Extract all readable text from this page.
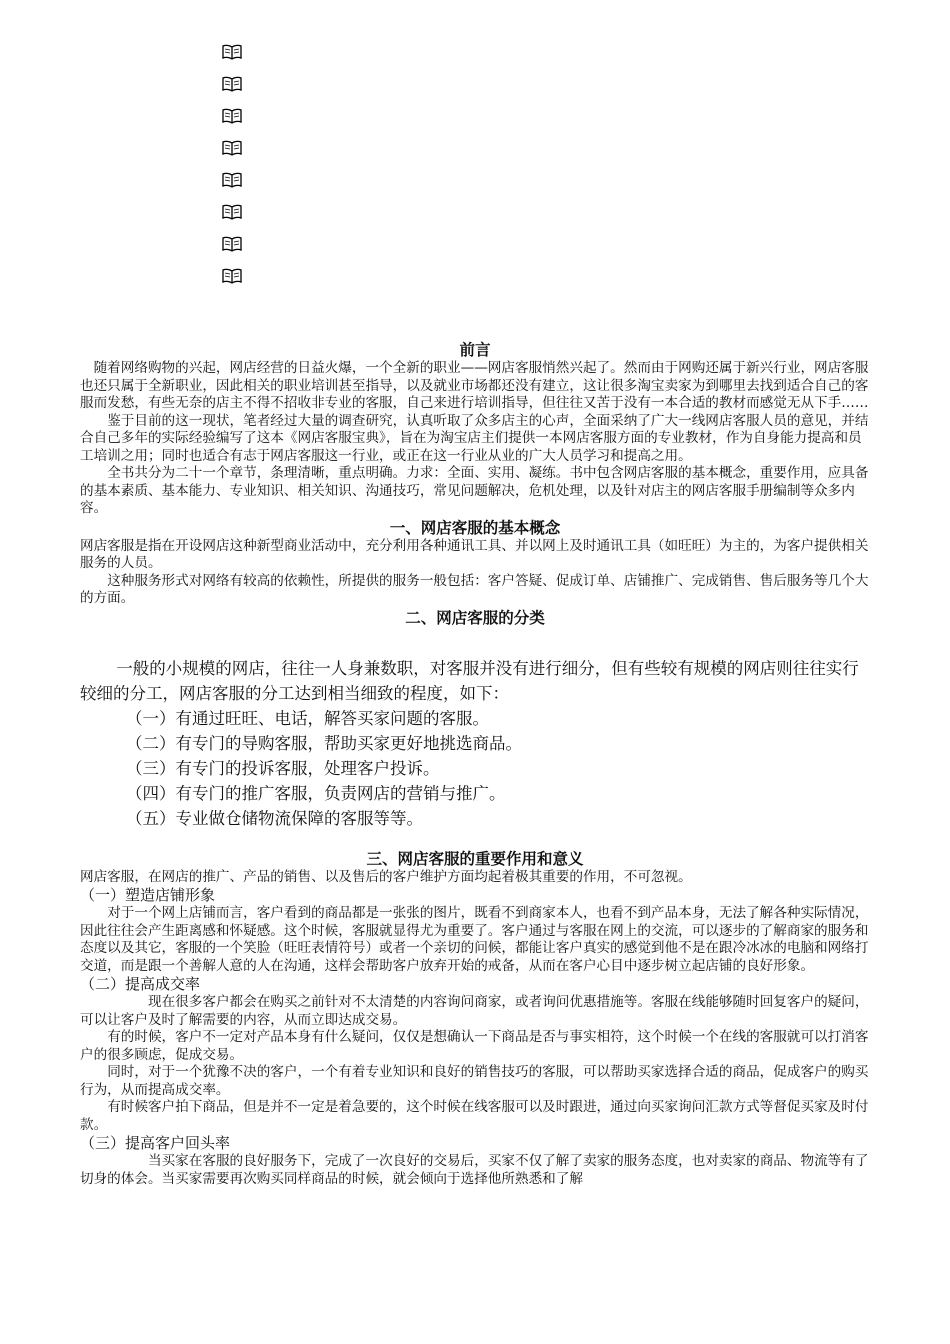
前言

随着网络购物的兴起，网店经营的日益火爆，一个全新的职业——网店客服悄然兴起了。然而由于网购还属于新兴行业，网店客服也还只属于全新职业，因此相关的职业培训甚至指导，以及就业市场都还没有建立，这让很多淘宝卖家为到哪里去找到适合自己的客服而发愁，有些无奈的店主不得不招收非专业的客服，自己来进行培训指导，但往往又苦于没有一本合适的教材而感觉无从下手……

鉴于目前的这一现状，笔者经过大量的调查研究，认真听取了众多店主的心声，全面采纳了广大一线网店客服人员的意见，并结合自己多年的实际经验编写了这本《网店客服宝典》，旨在为淘宝店主们提供一本网店客服方面的专业教材，作为自身能力提高和员工培训之用；同时也适合有志于网店客服这一行业，或正在这一行业从业的广大人员学习和提高之用。

全书共分为二十一个章节，条理清晰，重点明确。力求：全面、实用、凝练。书中包含网店客服的基本概念，重要作用，应具备的基本素质、基本能力、专业知识、相关知识、沟通技巧，常见问题解决，危机处理，以及针对店主的网店客服手册编制等众多内容。

一、网店客服的基本概念

网店客服是指在开设网店这种新型商业活动中，充分利用各种通讯工具、并以网上及时通讯工具（如旺旺）为主的，为客户提供相关服务的人员。

这种服务形式对网络有较高的依赖性，所提供的服务一般包括：客户答疑、促成订单、店铺推广、完成销售、售后服务等几个大的方面。

二、网店客服的分类

一般的小规模的网店，往往一人身兼数职，对客服并没有进行细分，但有些较有规模的网店则往往实行较细的分工，网店客服的分工达到相当细致的程度，如下：

（一）有通过旺旺、电话，解答买家问题的客服。

（二）有专门的导购客服，帮助买家更好地挑选商品。

（三）有专门的投诉客服，处理客户投诉。

（四）有专门的推广客服，负责网店的营销与推广。

（五）专业做仓储物流保障的客服等等。

三、网店客服的重要作用和意义

网店客服，在网店的推广、产品的销售、以及售后的客户维护方面均起着极其重要的作用，不可忽视。

（一）塑造店铺形象

对于一个网上店铺而言，客户看到的商品都是一张张的图片，既看不到商家本人，也看不到产品本身，无法了解各种实际情况，因此往往会产生距离感和怀疑感。这个时候，客服就显得尤为重要了。客户通过与客服在网上的交流，可以逐步的了解商家的服务和态度以及其它，客服的一个笑脸（旺旺表情符号）或者一个亲切的问候，都能让客户真实的感觉到他不是在跟冷冰冰的电脑和网络打交道，而是跟一个善解人意的人在沟通，这样会帮助客户放弃开始的戒备，从而在客户心目中逐步树立起店铺的良好形象。

（二）提高成交率

现在很多客户都会在购买之前针对不太清楚的内容询问商家，或者询问优惠措施等。客服在线能够随时回复客户的疑问，可以让客户及时了解需要的内容，从而立即达成交易。

有的时候，客户不一定对产品本身有什么疑问，仅仅是想确认一下商品是否与事实相符，这个时候一个在线的客服就可以打消客户的很多顾虑，促成交易。

同时，对于一个犹豫不决的客户，一个有着专业知识和良好的销售技巧的客服，可以帮助买家选择合适的商品，促成客户的购买行为，从而提高成交率。

有时候客户拍下商品，但是并不一定是着急要的，这个时候在线客服可以及时跟进，通过向买家询问汇款方式等督促买家及时付款。

（三）提高客户回头率

当买家在客服的良好服务下，完成了一次良好的交易后，买家不仅了解了卖家的服务态度，也对卖家的商品、物流等有了切身的体会。当买家需要再次购买同样商品的时候，就会倾向于选择他所熟悉和了解
